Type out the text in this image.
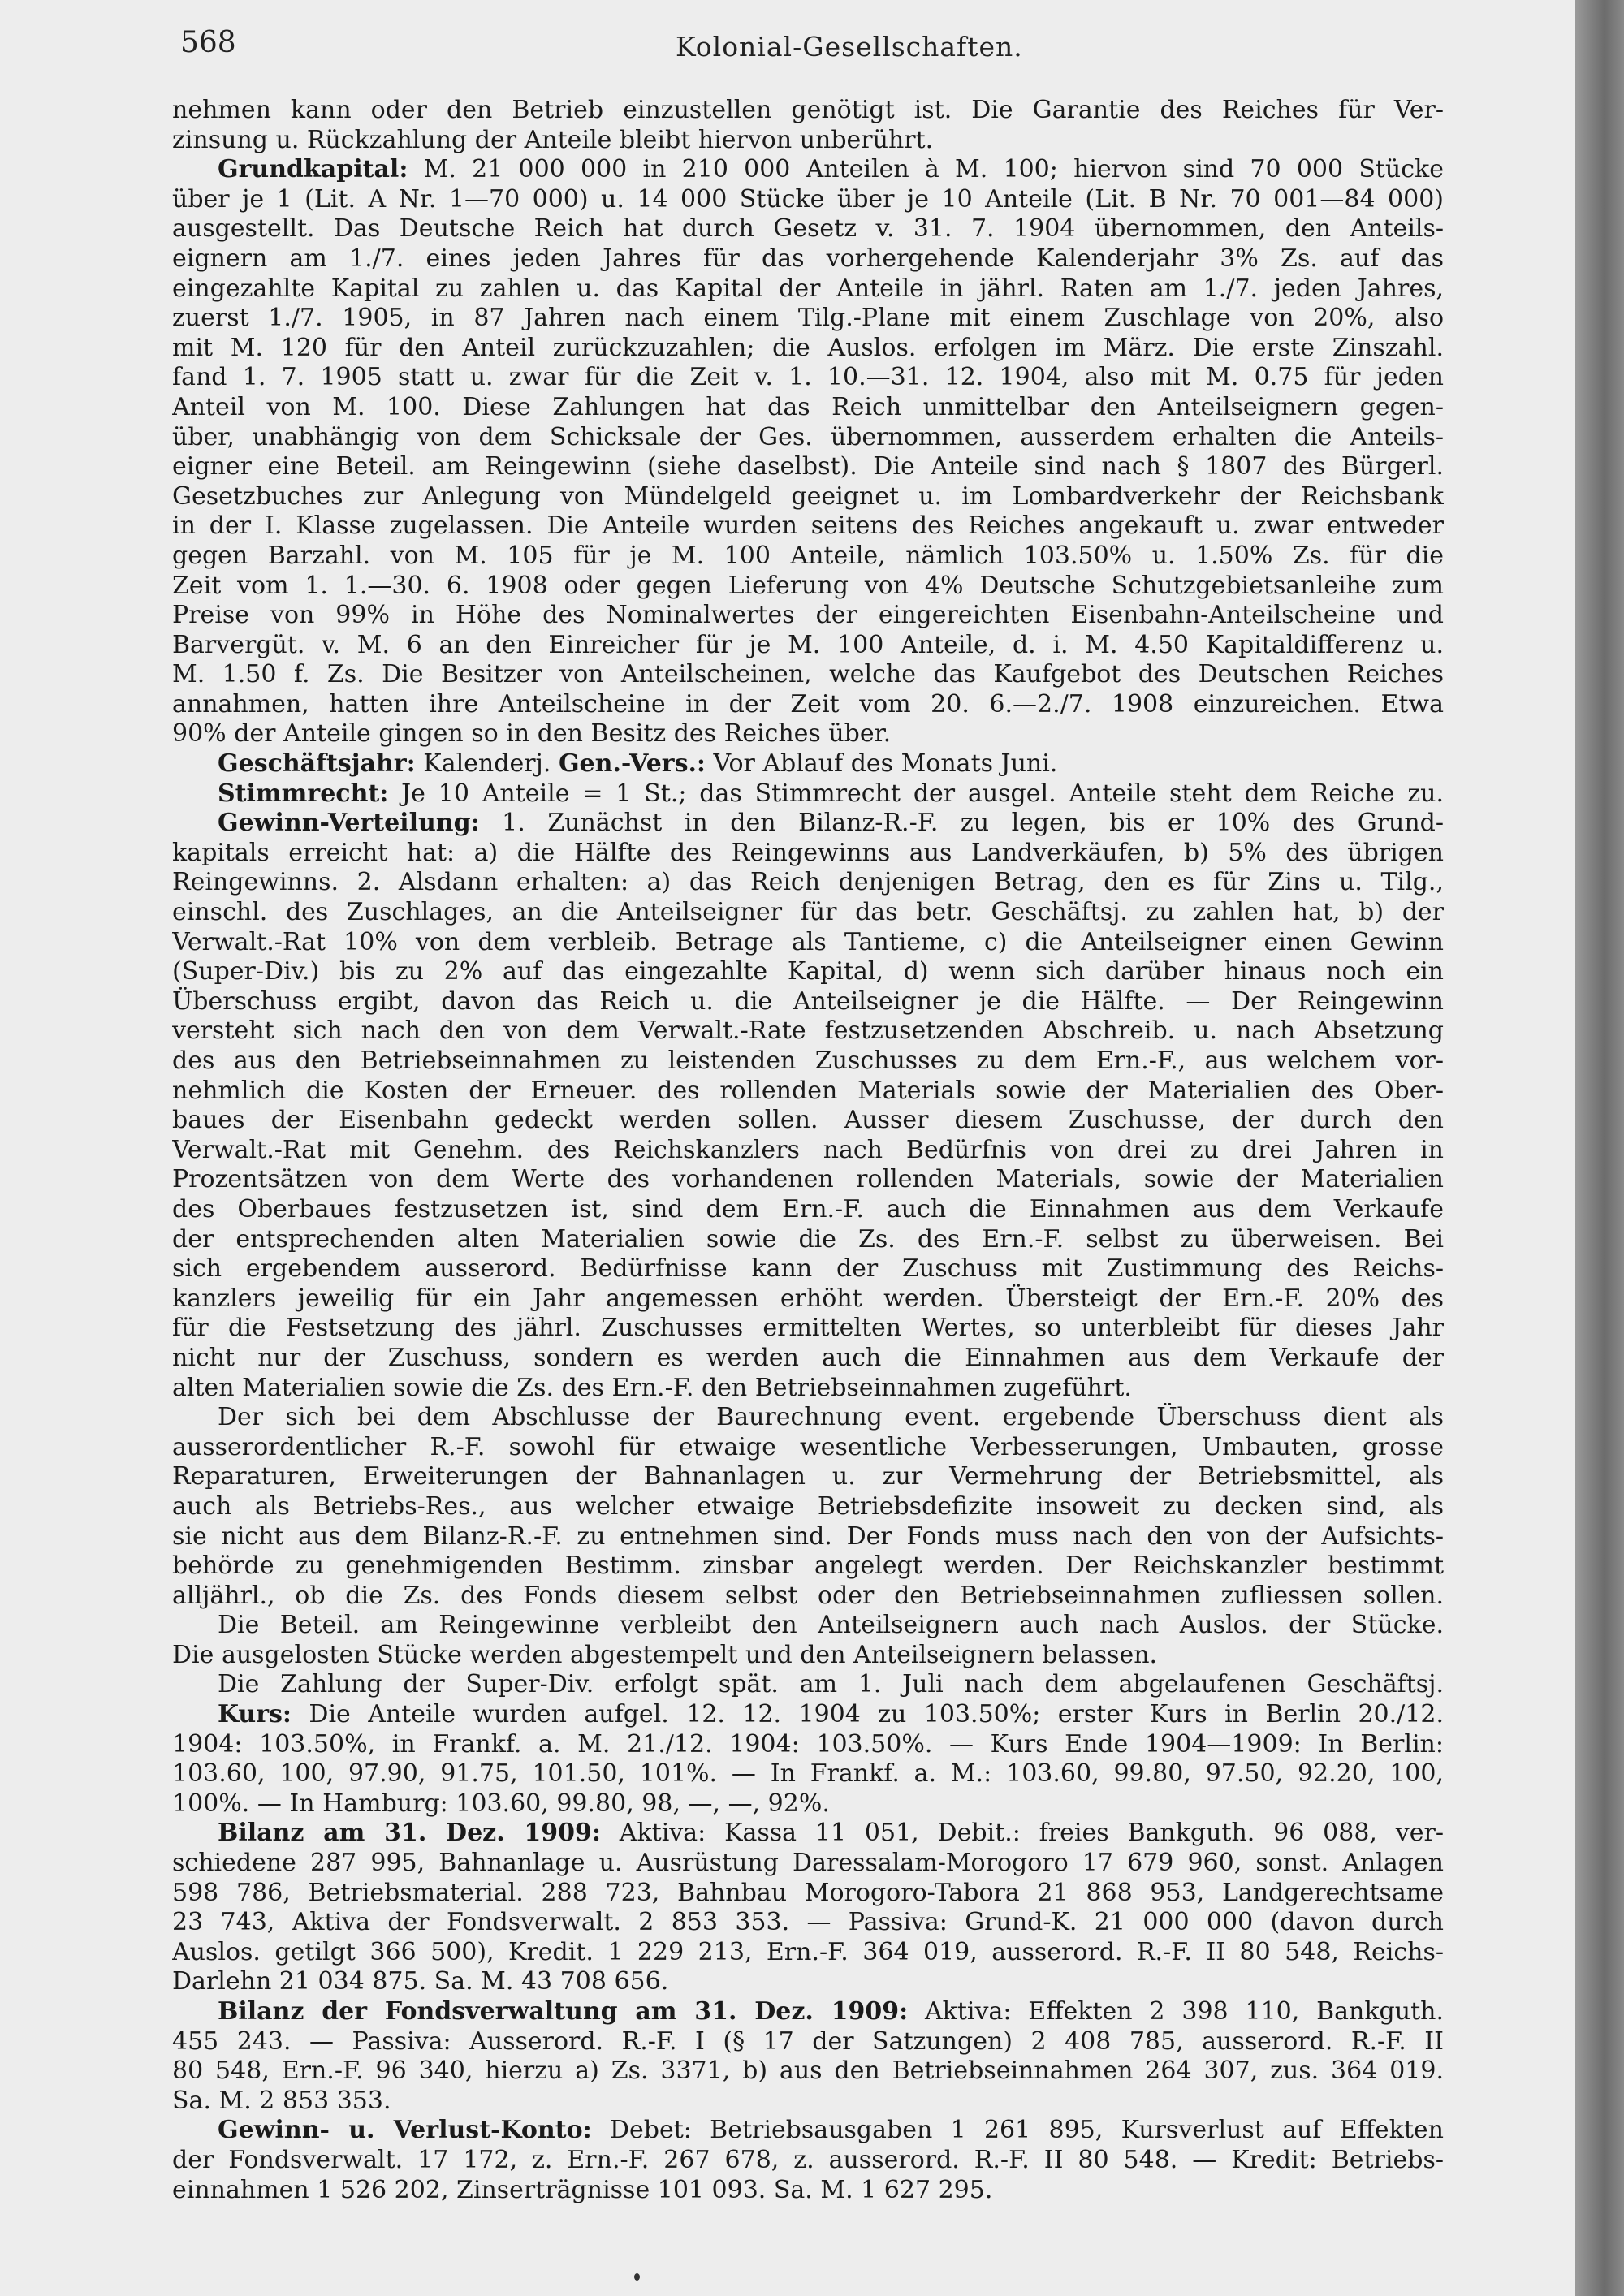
568	Kolonial-Gesellschaften.
nehmen kann oder den Betrieb einzustellen genötigt ist. Die Garantie des Reiches für Ver-
zinsung u. Rückzahlung der Anteile bleibt hiervon unberührt.
Grundkapital: M. 21 000 000 in 210 000 Anteilen à M. 100; hiervon sind 70 000 Stücke
über je 1 (Lit. A Nr. 1—70 000) u. 14 000 Stücke über je 10 Anteile (Lit. B Nr. 70 001—84 000)
ausgestellt. Das Deutsche Reich hat durch Gesetz v. 31. 7. 1904 übernommen, den Anteils-
eignern am 1./7. eines jeden Jahres für das vorhergehende Kalenderjahr 3% Zs. auf das
eingezahlte Kapital zu zahlen u. das Kapital der Anteile in jährl. Raten am 1./7. jeden Jahres,
zuerst 1./7. 1905, in 87 Jahren nach einem Tilg.-Plane mit einem Zuschlage von 20%, also
mit M. 120 für den Anteil zurückzuzahlen; die Auslos. erfolgen im März. Die erste Zinszahl.
fand 1. 7. 1905 statt u. zwar für die Zeit v. 1. 10.—31. 12. 1904, also mit M. 0.75 für jeden
Anteil von M. 100. Diese Zahlungen hat das Reich unmittelbar den Anteilseignern gegen-
über, unabhängig von dem Schicksale der Ges. übernommen, ausserdem erhalten die Anteils-
eigner eine Beteil. am Reingewinn (siehe daselbst). Die Anteile sind nach § 1807 des Bürgerl.
Gesetzbuches zur Anlegung von Mündelgeld geeignet u. im Lombardverkehr der Reichsbank
in der I. Klasse zugelassen. Die Anteile wurden seitens des Reiches angekauft u. zwar entweder
gegen Barzahl. von M. 105 für je M. 100 Anteile, nämlich 103.50% u. 1.50% Zs. für die
Zeit vom 1. 1.—30. 6. 1908 oder gegen Lieferung von 4% Deutsche Schutzgebietsanleihe zum
Preise von 99% in Höhe des Nominalwertes der eingereichten Eisenbahn-Anteilscheine und
Barvergüt. v. M. 6 an den Einreicher für je M. 100 Anteile, d. i. M. 4.50 Kapitaldifferenz u.
M. 1.50 f. Zs. Die Besitzer von Anteilscheinen, welche das Kaufgebot des Deutschen Reiches
annahmen, hatten ihre Anteilscheine in der Zeit vom 20. 6.—2./7. 1908 einzureichen. Etwa
90% der Anteile gingen so in den Besitz des Reiches über.
Geschäftsjahr: Kalenderj. Gen.-Vers.: Vor Ablauf des Monats Juni.
Stimmrecht: Je 10 Anteile = 1 St.; das Stimmrecht der ausgel. Anteile steht dem Reiche zu.
Gewinn-Verteilung: 1. Zunächst in den Bilanz-R.-F. zu legen, bis er 10% des Grund-
kapitals erreicht hat: a) die Hälfte des Reingewinns aus Landverkäufen, b) 5% des übrigen
Reingewinns. 2. Alsdann erhalten: a) das Reich denjenigen Betrag, den es für Zins u. Tilg.,
einschl. des Zuschlages, an die Anteilseigner für das betr. Geschäftsj. zu zahlen hat, b) der
Verwalt.-Rat 10% von dem verbleib. Betrage als Tantieme, c) die Anteilseigner einen Gewinn
(Super-Div.) bis zu 2% auf das eingezahlte Kapital, d) wenn sich darüber hinaus noch ein
Überschuss ergibt, davon das Reich u. die Anteilseigner je die Hälfte. — Der Reingewinn
versteht sich nach den von dem Verwalt.-Rate festzusetzenden Abschreib. u. nach Absetzung
des aus den Betriebseinnahmen zu leistenden Zuschusses zu dem Ern.-F., aus welchem vor-
nehmlich die Kosten der Erneuer. des rollenden Materials sowie der Materialien des Ober-
baues der Eisenbahn gedeckt werden sollen. Ausser diesem Zuschusse, der durch den
Verwalt.-Rat mit Genehm. des Reichskanzlers nach Bedürfnis von drei zu drei Jahren in
Prozentsätzen von dem Werte des vorhandenen rollenden Materials, sowie der Materialien
des Oberbaues festzusetzen ist, sind dem Ern.-F. auch die Einnahmen aus dem Verkaufe
der entsprechenden alten Materialien sowie die Zs. des Ern.-F. selbst zu überweisen. Bei
sich ergebendem ausserord. Bedürfnisse kann der Zuschuss mit Zustimmung des Reichs-
kanzlers jeweilig für ein Jahr angemessen erhöht werden. Übersteigt der Ern.-F. 20% des
für die Festsetzung des jährl. Zuschusses ermittelten Wertes, so unterbleibt für dieses Jahr
nicht nur der Zuschuss, sondern es werden auch die Einnahmen aus dem Verkaufe der
alten Materialien sowie die Zs. des Ern.-F. den Betriebseinnahmen zugeführt.
Der sich bei dem Abschlusse der Baurechnung event. ergebende Überschuss dient als
ausserordentlicher R.-F. sowohl für etwaige wesentliche Verbesserungen, Umbauten, grosse
Reparaturen, Erweiterungen der Bahnanlagen u. zur Vermehrung der Betriebsmittel, als
auch als Betriebs-Res., aus welcher etwaige Betriebsdefizite insoweit zu decken sind, als
sie nicht aus dem Bilanz-R.-F. zu entnehmen sind. Der Fonds muss nach den von der Aufsichts-
behörde zu genehmigenden Bestimm. zinsbar angelegt werden. Der Reichskanzler bestimmt
alljährl., ob die Zs. des Fonds diesem selbst oder den Betriebseinnahmen zufliessen sollen.
Die Beteil. am Reingewinne verbleibt den Anteilseignern auch nach Auslos. der Stücke.
Die ausgelosten Stücke werden abgestempelt und den Anteilseignern belassen.
Die Zahlung der Super-Div. erfolgt spät. am 1. Juli nach dem abgelaufenen Geschäftsj.
Kurs: Die Anteile wurden aufgel. 12. 12. 1904 zu 103.50%; erster Kurs in Berlin 20./12.
1904: 103.50%, in Frankf. a. M. 21./12. 1904: 103.50%. — Kurs Ende 1904—1909: In Berlin:
103.60, 100, 97.90, 91.75, 101.50, 101%. — In Frankf. a. M.: 103.60, 99.80, 97.50, 92.20, 100,
100%. — In Hamburg: 103.60, 99.80, 98, —, —, 92%.
Bilanz am 31. Dez. 1909: Aktiva: Kassa 11 051, Debit.: freies Bankguth. 96 088, ver-
schiedene 287 995, Bahnanlage u. Ausrüstung Daressalam-Morogoro 17 679 960, sonst. Anlagen
598 786, Betriebsmaterial. 288 723, Bahnbau Morogoro-Tabora 21 868 953, Landgerechtsame
23 743, Aktiva der Fondsverwalt. 2 853 353. — Passiva: Grund-K. 21 000 000 (davon durch
Auslos. getilgt 366 500), Kredit. 1 229 213, Ern.-F. 364 019, ausserord. R.-F. II 80 548, Reichs-
Darlehn 21 034 875. Sa. M. 43 708 656.
Bilanz der Fondsverwaltung am 31. Dez. 1909: Aktiva: Effekten 2 398 110, Bankguth.
455 243. — Passiva: Ausserord. R.-F. I (§ 17 der Satzungen) 2 408 785, ausserord. R.-F. II
80 548, Ern.-F. 96 340, hierzu a) Zs. 3371, b) aus den Betriebseinnahmen 264 307, zus. 364 019.
Sa. M. 2 853 353.
Gewinn- u. Verlust-Konto: Debet: Betriebsausgaben 1 261 895, Kursverlust auf Effekten
der Fondsverwalt. 17 172, z. Ern.-F. 267 678, z. ausserord. R.-F. II 80 548. — Kredit: Betriebs-
einnahmen 1 526 202, Zinserträgnisse 101 093. Sa. M. 1 627 295.
